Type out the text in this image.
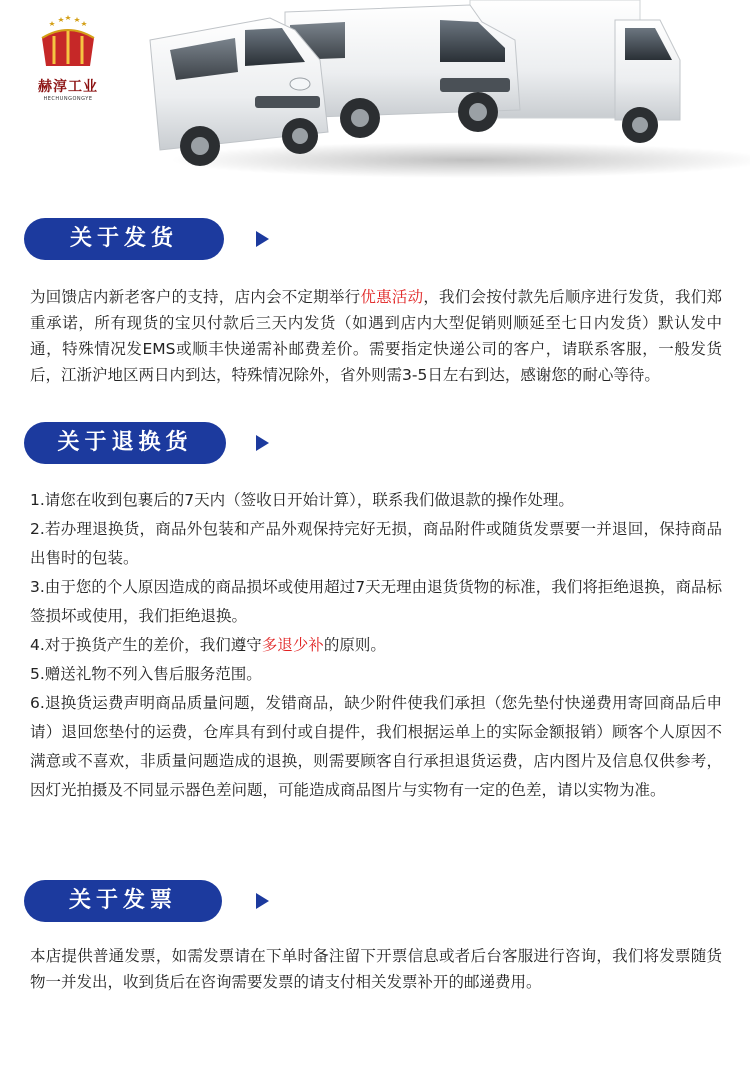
赫淳工业
HECHUNGONGYE
关于发货
为回馈店内新老客户的支持，店内会不定期举行优惠活动，我们会按付款先后顺序进行发货，我们郑重承诺，所有现货的宝贝付款后三天内发货（如遇到店内大型促销则顺延至七日内发货）默认发中通，特殊情况发EMS或顺丰快递需补邮费差价。需要指定快递公司的客户，请联系客服，一般发货后，江浙沪地区两日内到达，特殊情况除外，省外则需3-5日左右到达，感谢您的耐心等待。
关于退换货
1.请您在收到包裹后的7天内（签收日开始计算），联系我们做退款的操作处理。
2.若办理退换货，商品外包装和产品外观保持完好无损，商品附件或随货发票要一并退回，保持商品出售时的包装。
3.由于您的个人原因造成的商品损坏或使用超过7天无理由退货货物的标准，我们将拒绝退换，商品标签损坏或使用，我们拒绝退换。
4.对于换货产生的差价，我们遵守多退少补的原则。
5.赠送礼物不列入售后服务范围。
6.退换货运费声明商品质量问题，发错商品，缺少附件使我们承担（您先垫付快递费用寄回商品后申请）退回您垫付的运费，仓库具有到付或自提件，我们根据运单上的实际金额报销）顾客个人原因不满意或不喜欢，非质量问题造成的退换，则需要顾客自行承担退货运费，店内图片及信息仅供参考，因灯光拍摄及不同显示器色差问题，可能造成商品图片与实物有一定的色差，请以实物为准。
关于发票
本店提供普通发票，如需发票请在下单时备注留下开票信息或者后台客服进行咨询，我们将发票随货物一并发出，收到货后在咨询需要发票的请支付相关发票补开的邮递费用。
